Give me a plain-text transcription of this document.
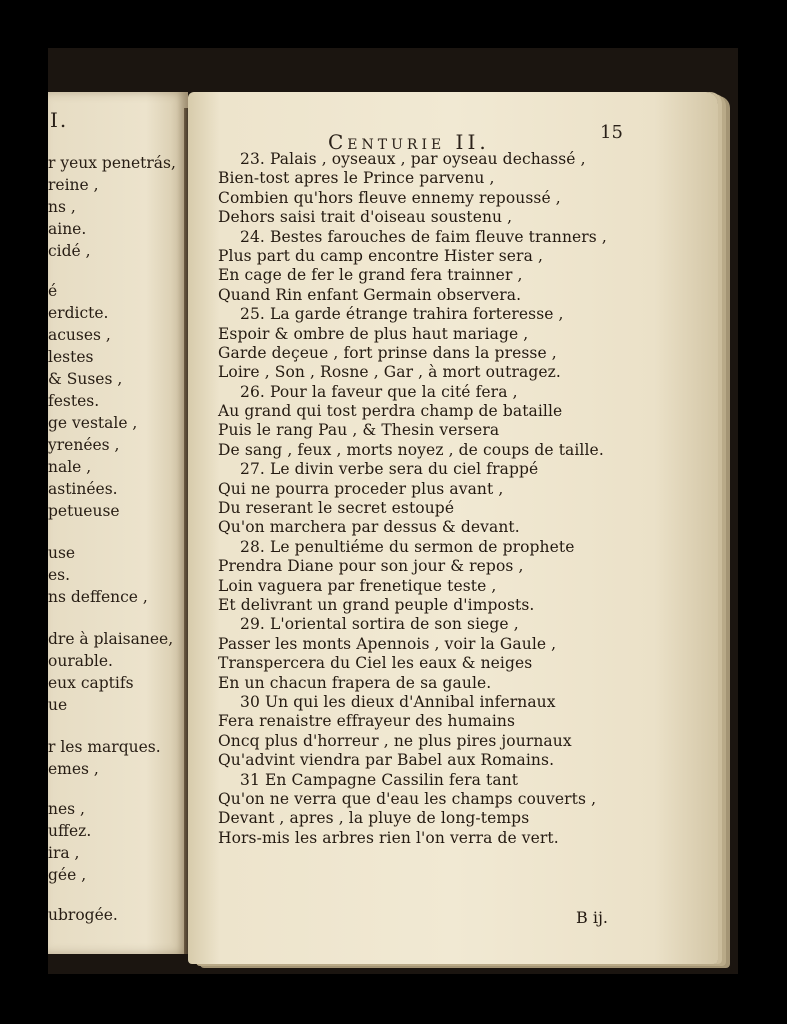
I.
r yeux penetrás,
reine ,
ns ,
aine.
cidé ,
é
erdicte.
acuses ,
lestes
& Suses ,
festes.
ge vestale ,
yrenées ,
nale ,
astinées.
petueuse
use
es.
ns deffence ,
dre à plaisanee,
ourable.
eux captifs
ue
r les marques.
emes ,
nes ,
uffez.
ira ,
gée ,
ubrogée.
Centurie II.	15
23. Palais , oyseaux , par oyseau dechassé ,
Bien-tost apres le Prince parvenu ,
Combien qu'hors fleuve ennemy repoussé ,
Dehors saisi trait d'oiseau soustenu ,
24. Bestes farouches de faim fleuve tranners ,
Plus part du camp encontre Hister sera ,
En cage de fer le grand fera trainner ,
Quand Rin enfant Germain observera.
25. La garde étrange trahira forteresse ,
Espoir & ombre de plus haut mariage ,
Garde deçeue , fort prinse dans la presse ,
Loire , Son , Rosne , Gar , à mort outragez.
26. Pour la faveur que la cité fera ,
Au grand qui tost perdra champ de bataille
Puis le rang Pau , & Thesin versera
De sang , feux , morts noyez , de coups de taille.
27. Le divin verbe sera du ciel frappé
Qui ne pourra proceder plus avant ,
Du reserant le secret estoupé
Qu'on marchera par dessus & devant.
28. Le penultiéme du sermon de prophete
Prendra Diane pour son jour & repos ,
Loin vaguera par frenetique teste ,
Et delivrant un grand peuple d'imposts.
29. L'oriental sortira de son siege ,
Passer les monts Apennois , voir la Gaule ,
Transpercera du Ciel les eaux & neiges
En un chacun frapera de sa gaule.
30 Un qui les dieux d'Annibal infernaux
Fera renaistre effrayeur des humains
Oncq plus d'horreur , ne plus pires journaux
Qu'advint viendra par Babel aux Romains.
31 En Campagne Cassilin fera tant
Qu'on ne verra que d'eau les champs couverts ,
Devant , apres , la pluye de long-temps
Hors-mis les arbres rien l'on verra de vert.
B ij.
